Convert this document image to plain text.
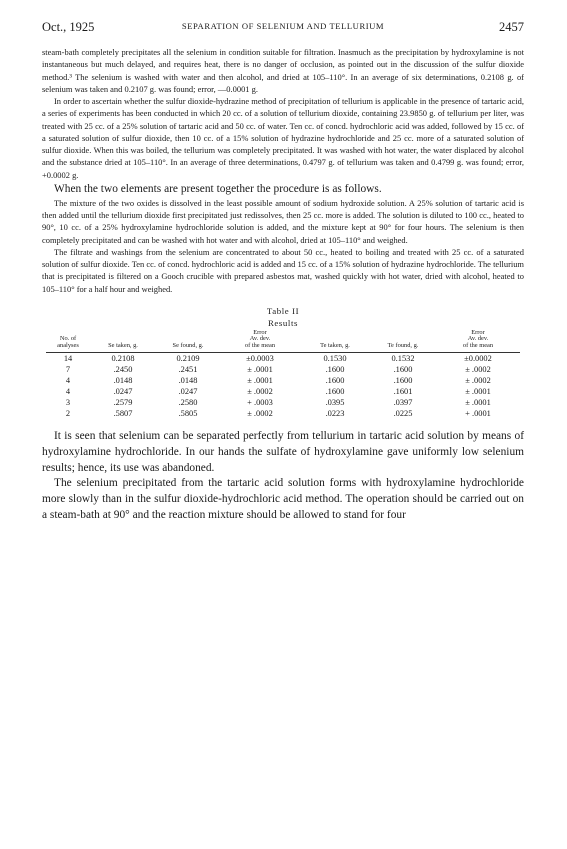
Oct., 1925	SEPARATION OF SELENIUM AND TELLURIUM	2457

steam-bath completely precipitates all the selenium in condition suitable for filtration. Inasmuch as the precipitation by hydroxylamine is not instantaneous but much delayed, and requires heat, there is no danger of occlusion, as pointed out in the discussion of the sulfur dioxide method.³ The selenium is washed with water and then alcohol, and dried at 105–110°. In an average of six determinations, 0.2108 g. of selenium was taken and 0.2107 g. was found; error, —0.0001 g.

In order to ascertain whether the sulfur dioxide-hydrazine method of precipitation of tellurium is applicable in the presence of tartaric acid, a series of experiments has been conducted in which 20 cc. of a solution of tellurium dioxide, containing 23.9850 g. of tellurium per liter, was treated with 25 cc. of a 25% solution of tartaric acid and 50 cc. of water. Ten cc. of concd. hydrochloric acid was added, followed by 15 cc. of a saturated solution of sulfur dioxide, then 10 cc. of a 15% solution of hydrazine hydrochloride and 25 cc. more of a saturated solution of sulfur dioxide. When this was boiled, the tellurium was completely precipitated. It was washed with hot water, the water displaced by alcohol and the substance dried at 105–110°. In an average of three determinations, 0.4797 g. of tellurium was taken and 0.4799 g. was found; error, +0.0002 g.

When the two elements are present together the procedure is as follows.

The mixture of the two oxides is dissolved in the least possible amount of sodium hydroxide solution. A 25% solution of tartaric acid is then added until the tellurium dioxide first precipitated just redissolves, then 25 cc. more is added. The solution is diluted to 100 cc., heated to 90°, 10 cc. of a 25% hydroxylamine hydrochloride solution is added, and the mixture kept at 90° for four hours. The selenium is then completely precipitated and can be washed with hot water and with alcohol, dried at 105–110° and weighed.

The filtrate and washings from the selenium are concentrated to about 50 cc., heated to boiling and treated with 25 cc. of a saturated solution of sulfur dioxide. Ten cc. of concd. hydrochloric acid is added and 15 cc. of a 15% solution of hydrazine hydrochloride. The tellurium that is precipitated is filtered on a Gooch crucible with prepared asbestos mat, washed quickly with hot water, dried with alcohol, heated to 105–110° for a half hour and weighed.

Table II
Results

No. of
analyses	Se taken, g.	Se found, g.	Error
Av. dev.
of the mean	Te taken, g.	Te found, g.	Error
Av. dev.
of the mean
14	0.2108	0.2109	±0.0003	0.1530	0.1532	±0.0002
7	.2450	.2451	± .0001	.1600	.1600	± .0002
4	.0148	.0148	± .0001	.1600	.1600	± .0002
4	.0247	.0247	± .0002	.1600	.1601	± .0001
3	.2579	.2580	+ .0003	.0395	.0397	± .0001
2	.5807	.5805	± .0002	.0223	.0225	+ .0001

It is seen that selenium can be separated perfectly from tellurium in tartaric acid solution by means of hydroxylamine hydrochloride. In our hands the sulfate of hydroxylamine gave uniformly low selenium results; hence, its use was abandoned.

The selenium precipitated from the tartaric acid solution forms with hydroxylamine hydrochloride more slowly than in the sulfur dioxide-hydrochloric acid method. The operation should be carried out on a steam-bath at 90° and the reaction mixture should be allowed to stand for four
